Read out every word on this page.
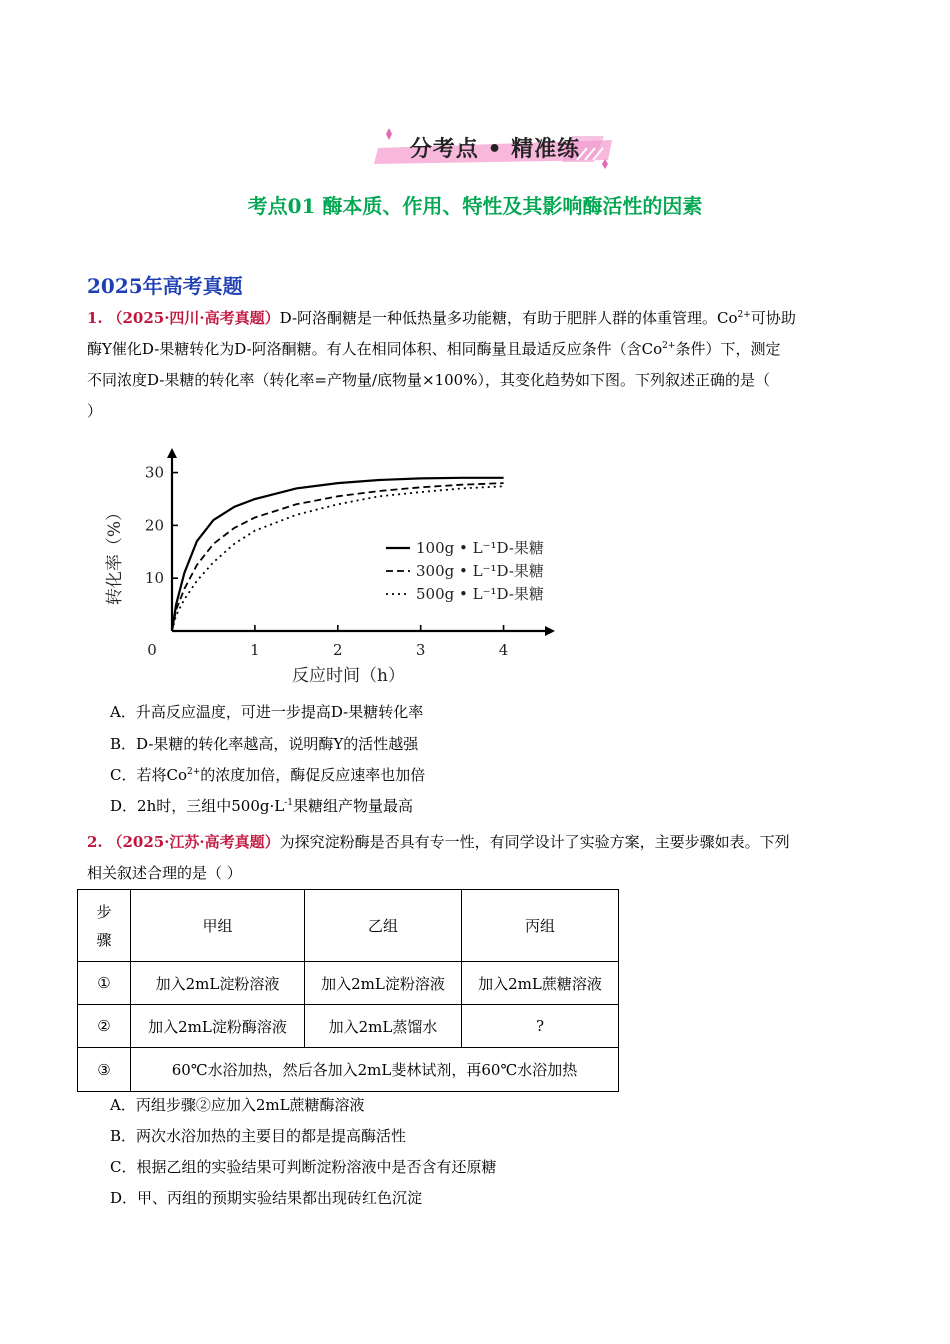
分考点 • 精准练
考点01 酶本质、作用、特性及其影响酶活性的因素
2025年高考真题
1. （2025·四川·高考真题）D-阿洛酮糖是一种低热量多功能糖，有助于肥胖人群的体重管理。$Co^{2+}$可协助
酶Y催化D-果糖转化为D-阿洛酮糖。有人在相同体积、相同酶量且最适反应条件（含$Co^{2+}$条件）下，测定
不同浓度D-果糖的转化率（转化率=产物量/底物量×100%），其变化趋势如下图。下列叙述正确的是（
）
1	2	3	4
0
10
20
30
反应时间（h）
转化率（%）	100g • L⁻¹D-果糖
300g • L⁻¹D-果糖
500g • L⁻¹D-果糖
A．升高反应温度，可进一步提高D-果糖转化率
B．D-果糖的转化率越高，说明酶Y的活性越强
C．若将$Co^{2+}$的浓度加倍，酶促反应速率也加倍
D．2h时，三组中$500g\cdot L^{-1}$果糖组产物量最高
2. （2025·江苏·高考真题）为探究淀粉酶是否具有专一性，有同学设计了实验方案，主要步骤如表。下列
相关叙述合理的是（ ）
步
骤	甲组	乙组	丙组
①	加入2mL淀粉溶液	加入2mL淀粉溶液	加入2mL蔗糖溶液
②	加入2mL淀粉酶溶液	加入2mL蒸馏水	?
③	60℃水浴加热，然后各加入2mL斐林试剂，再60℃水浴加热		
A．丙组步骤②应加入2mL蔗糖酶溶液
B．两次水浴加热的主要目的都是提高酶活性
C．根据乙组的实验结果可判断淀粉溶液中是否含有还原糖
D．甲、丙组的预期实验结果都出现砖红色沉淀
